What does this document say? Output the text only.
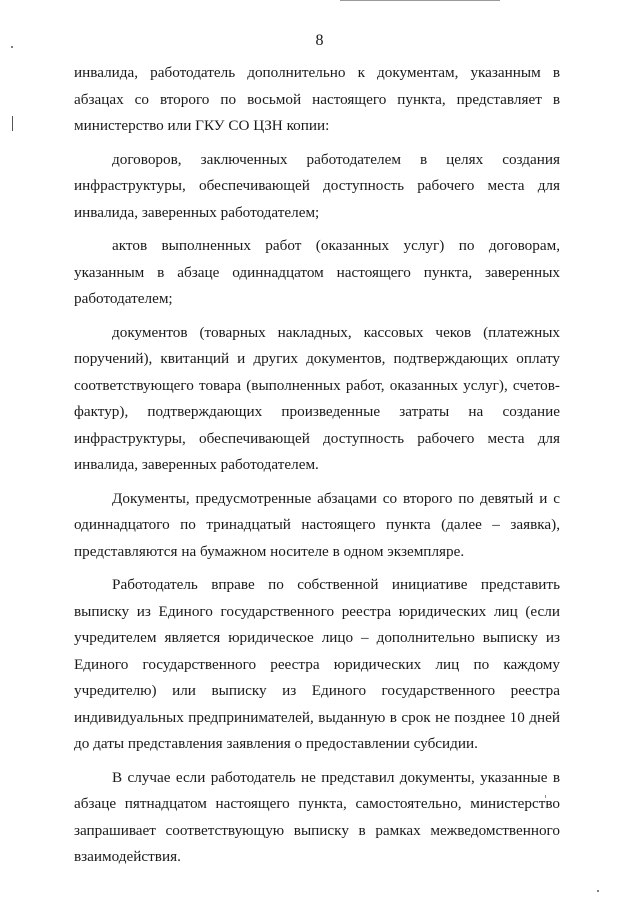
8

инвалида, работодатель дополнительно к документам, указанным в абзацах со второго по восьмой настоящего пункта, представляет в министерство или ГКУ СО ЦЗН копии:

договоров, заключенных работодателем в целях создания инфраструктуры, обеспечивающей доступность рабочего места для инвалида, заверенных работодателем;

актов выполненных работ (оказанных услуг) по договорам, указанным в абзаце одиннадцатом настоящего пункта, заверенных работодателем;

документов (товарных накладных, кассовых чеков (платежных поручений), квитанций и других документов, подтверждающих оплату соответствующего товара (выполненных работ, оказанных услуг), счетов-фактур), подтверждающих произведенные затраты на создание инфраструктуры, обеспечивающей доступность рабочего места для инвалида, заверенных работодателем.

Документы, предусмотренные абзацами со второго по девятый и с одиннадцатого по тринадцатый настоящего пункта (далее – заявка), представляются на бумажном носителе в одном экземпляре.

Работодатель вправе по собственной инициативе представить выписку из Единого государственного реестра юридических лиц (если учредителем является юридическое лицо – дополнительно выписку из Единого государственного реестра юридических лиц по каждому учредителю) или выписку из Единого государственного реестра индивидуальных предпринимателей, выданную в срок не позднее 10 дней до даты представления заявления о предоставлении субсидии.

В случае если работодатель не представил документы, указанные в абзаце пятнадцатом настоящего пункта, самостоятельно, министерство запрашивает соответствующую выписку в рамках межведомственного взаимодействия.
